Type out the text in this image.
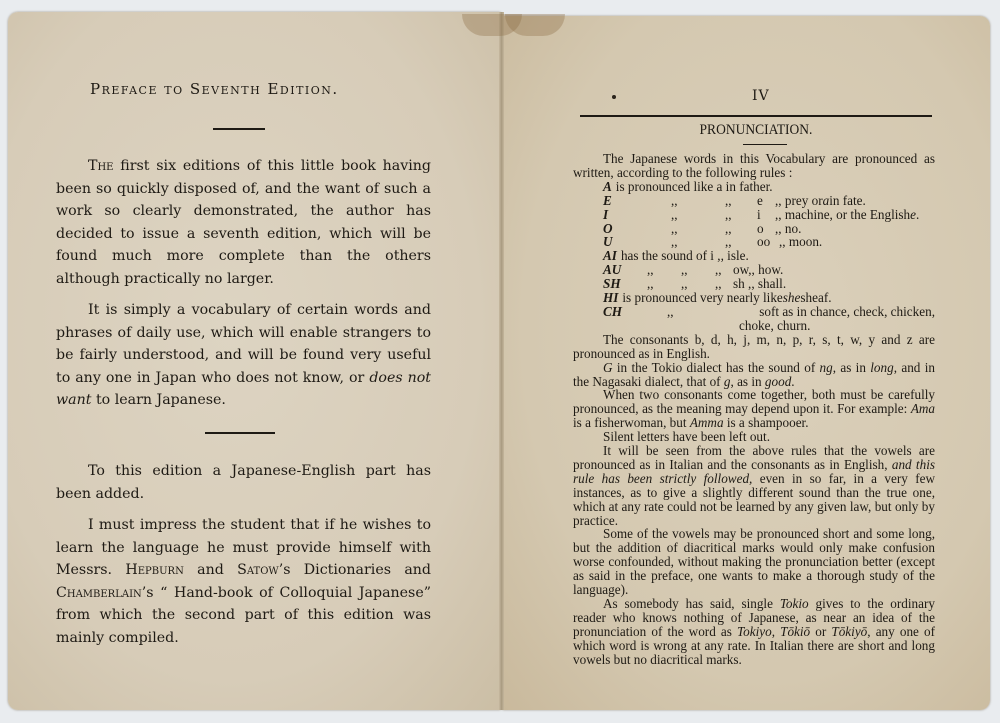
Preface to Seventh Edition.

The first six editions of this little book having been so quickly disposed of, and the want of such a work so clearly demonstrated, the author has decided to issue a seventh edition, which will be found much more complete than the others although practically no larger.

It is simply a vocabulary of certain words and phrases of daily use, which will enable strangers to be fairly understood, and will be found very useful to any one in Japan who does not know, or does not want to learn Japanese.

To this edition a Japanese-English part has been added.

I must impress the student that if he wishes to learn the language he must provide himself with Messrs. Hepburn and Satow’s Dictionaries and Chamberlain’s “ Hand-book of Colloquial Japanese” from which the second part of this edition was mainly compiled.

IV
PRONUNCIATION.

The Japanese words in this Vocabulary are pronounced as written, according to the following rules :

A is pronounced like a in father.
E	,,	,,	e ,, prey or a in fate.
I	,,	,,	i	,, machine, or the English e .
O	,,	,,	o ,, no.
U	,,	,,	oo ,, moon.
AI has the sound of i ,, isle.
AU	,,	,,	,, ow,, how.
SH	,,	,,	,, sh ,, shall.
HI is pronounced very nearly like she sheaf.
CH	,,	soft as in chance, check, chicken,
choke, churn.

The consonants b, d, h, j, m, n, p, r, s, t, w, y and z are pronounced as in English.

G in the Tokio dialect has the sound of ng, as in long, and in the Nagasaki dialect, that of g, as in good.

When two consonants come together, both must be carefully pronounced, as the meaning may depend upon it. For example: Ama is a fisherwoman, but Amma is a shampooer.

Silent letters have been left out.

It will be seen from the above rules that the vowels are pronounced as in Italian and the consonants as in English, and this rule has been strictly followed, even in so far, in a very few instances, as to give a slightly different sound than the true one, which at any rate could not be learned by any given law, but only by practice.

Some of the vowels may be pronounced short and some long, but the addition of diacritical marks would only make confusion worse confounded, without making the pronunciation better (except as said in the preface, one wants to make a thorough study of the language).

As somebody has said, single Tokio gives to the ordinary reader who knows nothing of Japanese, as near an idea of the pronunciation of the word as Tokiyo, Tōkiō or Tōkiyō, any one of which word is wrong at any rate. In Italian there are short and long vowels but no diacritical marks.
